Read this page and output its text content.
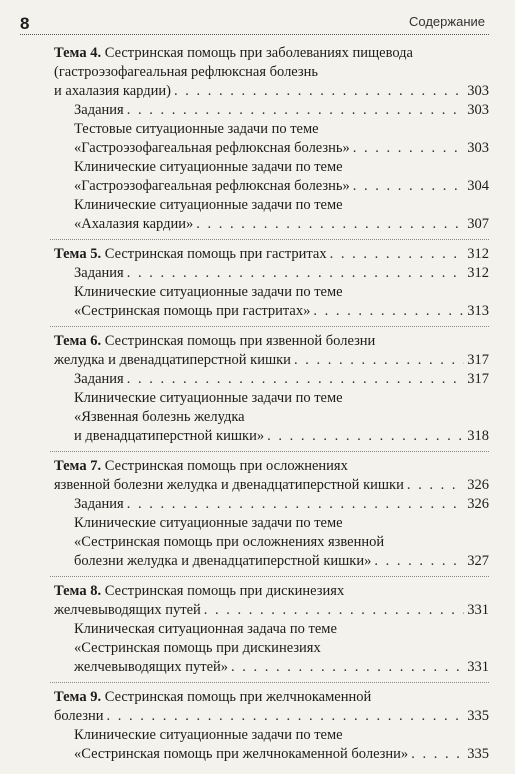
8	Содержание
Тема 4.
Сестринская помощь при заболеваниях пищевода
(гастроэзофагеальная рефлюксная болезнь
и ахалазия кардии) . . .	303
Задания . . .	303
Тестовые ситуационные задачи по теме
«Гастроэзофагеальная рефлюксная болезнь» . . .	303
Клинические ситуационные задачи по теме
«Гастроэзофагеальная рефлюксная болезнь» . . .	304
Клинические ситуационные задачи по теме
«Ахалазия кардии» . . .	307
Тема 5.
Сестринская помощь при гастритах . . .	312
Задания . . .	312
Клинические ситуационные задачи по теме
«Сестринская помощь при гастритах» . . .	313
Тема 6.
Сестринская помощь при язвенной болезни
желудка и двенадцатиперстной кишки . . .	317
Задания . . .	317
Клинические ситуационные задачи по теме
«Язвенная болезнь желудка
и двенадцатиперстной кишки» . . .	318
Тема 7.
Сестринская помощь при осложнениях
язвенной болезни желудка и двенадцатиперстной кишки . . .	326
Задания . . .	326
Клинические ситуационные задачи по теме
«Сестринская помощь при осложнениях язвенной
болезни желудка и двенадцатиперстной кишки» . . .	327
Тема 8.
Сестринская помощь при дискинезиях
желчевыводящих путей . . .	331
Клиническая ситуационная задача по теме
«Сестринская помощь при дискинезиях
желчевыводящих путей» . . .	331
Тема 9.
Сестринская помощь при желчнокаменной
болезни . . .	335
Клинические ситуационные задачи по теме
«Сестринская помощь при желчнокаменной болезни» . . .	335
